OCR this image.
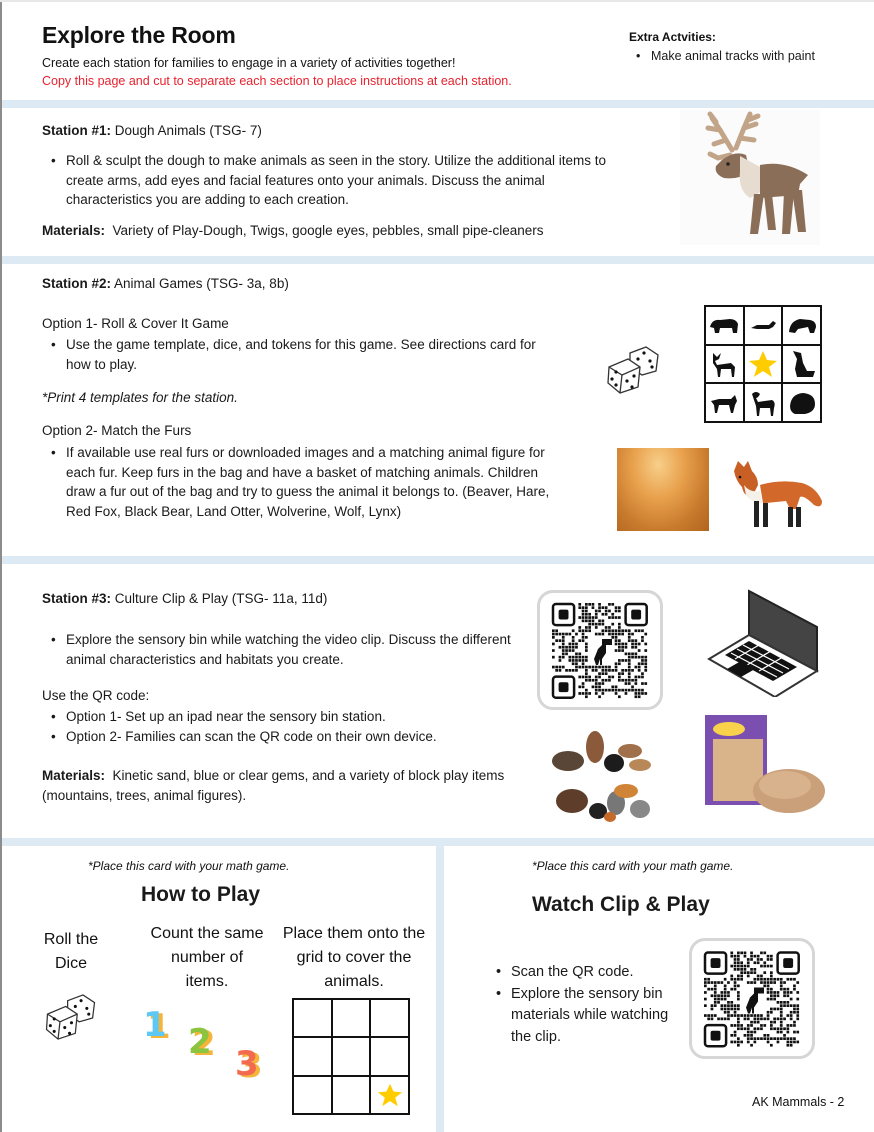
Explore the Room
Create each station for families to engage in a variety of activities together!
Copy this page and cut to separate each section to place instructions at each station.
Extra Actvities:
• Make animal tracks with paint
Station #1: Dough Animals (TSG- 7)
• Roll & sculpt the dough to make animals as seen in the story. Utilize the additional items to create arms, add eyes and facial features onto your animals. Discuss the animal characteristics you are adding to each creation.
Materials:  Variety of Play-Dough, Twigs, google eyes, pebbles, small pipe-cleaners
Station #2: Animal Games (TSG- 3a, 8b)
Option 1- Roll & Cover It Game
• Use the game template, dice, and tokens for this game. See directions card for how to play.
*Print 4 templates for the station.
Option 2- Match the Furs
• If available use real furs or downloaded images and a matching animal figure for each fur. Keep furs in the bag and have a basket of matching animals. Children draw a fur out of the bag and try to guess the animal it belongs to. (Beaver, Hare, Red Fox, Black Bear, Land Otter, Wolverine, Wolf, Lynx)
Station #3: Culture Clip & Play (TSG- 11a, 11d)
• Explore the sensory bin while watching the video clip. Discuss the different animal characteristics and habitats you create.
Use the QR code:
• Option 1- Set up an ipad near the sensory bin station.
• Option 2- Families can scan the QR code on their own device.
Materials:  Kinetic sand, blue or clear gems, and a variety of block play items (mountains, trees, animal figures).
*Place this card with your math game.
How to Play
Roll the Dice
Count the same number of items.
Place them onto the grid to cover the animals.
1 2
3
*Place this card with your math game.
Watch Clip & Play
• Scan the QR code.
• Explore the sensory bin materials while watching the clip.
AK Mammals - 2
